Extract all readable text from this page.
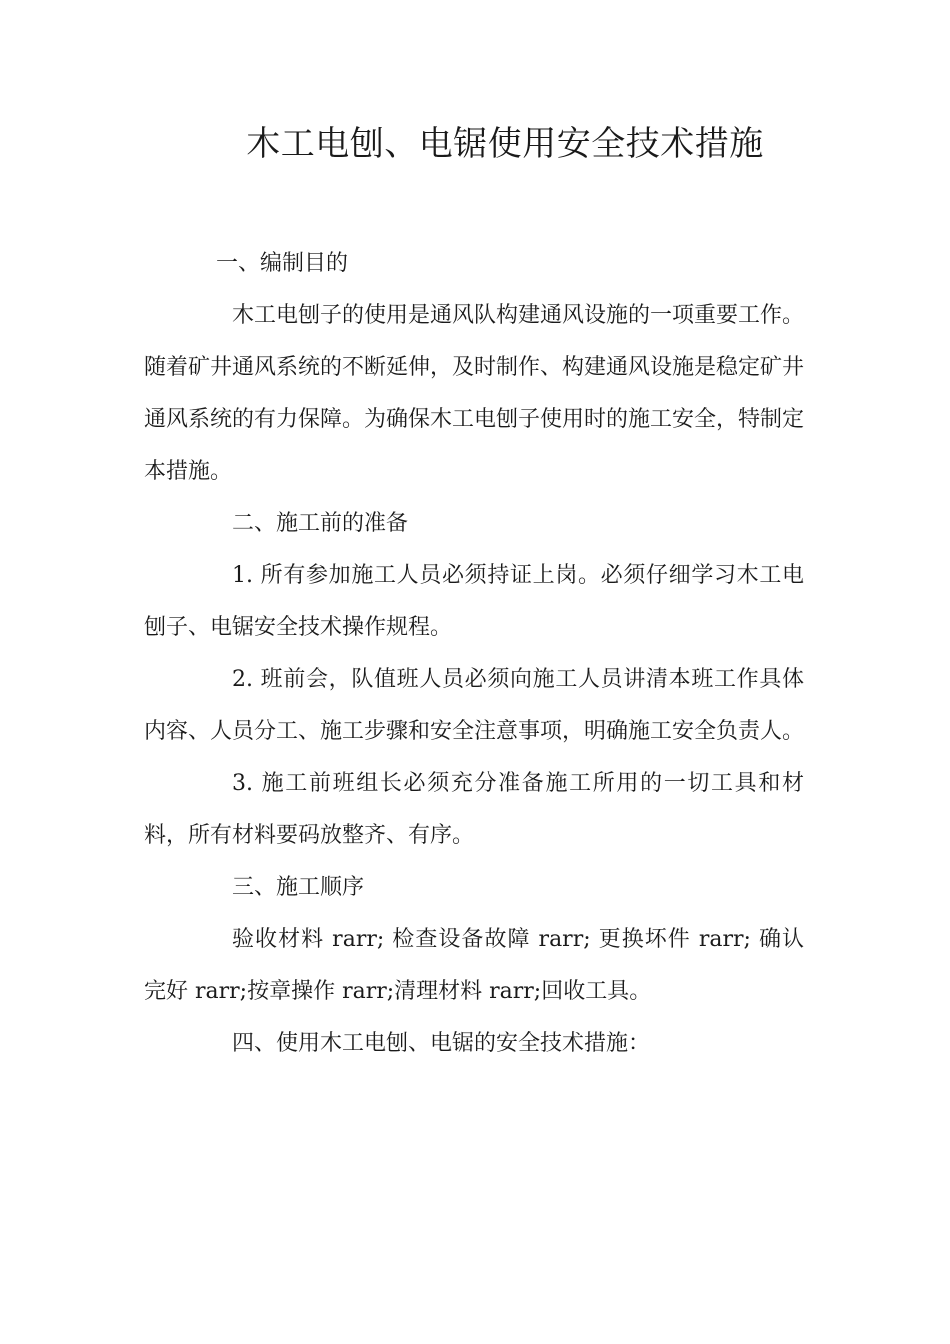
木工电刨、电锯使用安全技术措施

一、编制目的

木工电刨子的使用是通风队构建通风设施的一项重要工作。随着矿井通风系统的不断延伸，及时制作、构建通风设施是稳定矿井通风系统的有力保障。为确保木工电刨子使用时的施工安全，特制定本措施。

二、施工前的准备

1. 所有参加施工人员必须持证上岗。必须仔细学习木工电刨子、电锯安全技术操作规程。

2. 班前会，队值班人员必须向施工人员讲清本班工作具体内容、人员分工、施工步骤和安全注意事项，明确施工安全负责人。

3. 施工前班组长必须充分准备施工所用的一切工具和材料，所有材料要码放整齐、有序。

三、施工顺序

验收材料 rarr; 检查设备故障 rarr; 更换坏件 rarr; 确认完好 rarr;按章操作 rarr;清理材料 rarr;回收工具。

四、使用木工电刨、电锯的安全技术措施：
